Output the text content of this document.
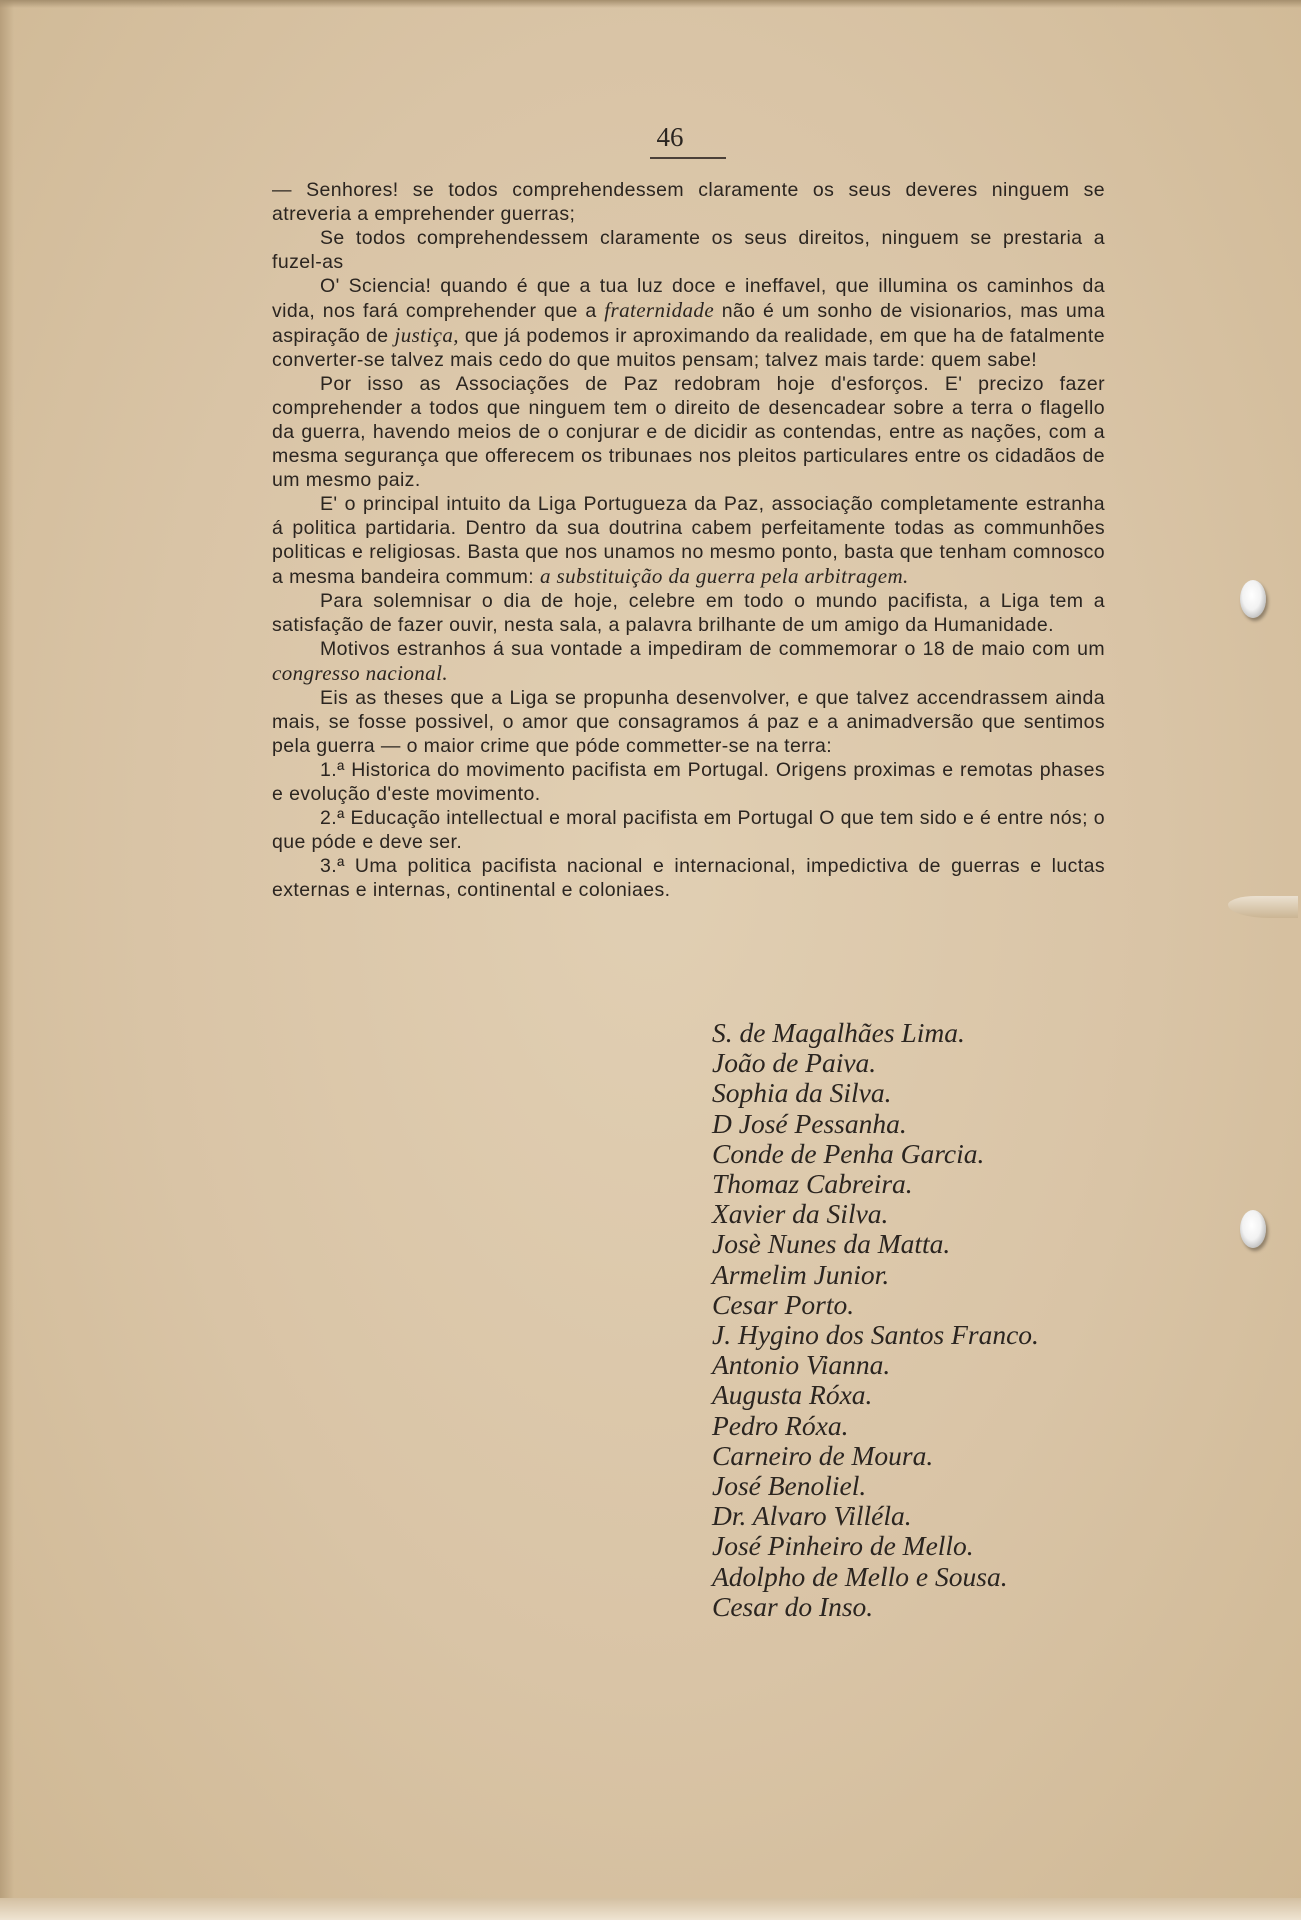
46

— Senhores! se todos comprehendessem claramente os seus deveres ninguem se atreveria a emprehender guerras;

Se todos comprehendessem claramente os seus direitos, ninguem se prestaria a fuzel-as

O' Sciencia! quando é que a tua luz doce e ineffavel, que illumina os caminhos da vida, nos fará comprehender que a fraternidade não é um sonho de visionarios, mas uma aspiração de justiça, que já podemos ir aproximando da realidade, em que ha de fatalmente converter-se talvez mais cedo do que muitos pensam; talvez mais tarde: quem sabe!

Por isso as Associações de Paz redobram hoje d'esforços. E' precizo fazer comprehender a todos que ninguem tem o direito de desencadear sobre a terra o flagello da guerra, havendo meios de o conjurar e de dicidir as contendas, entre as nações, com a mesma segurança que offerecem os tribunaes nos pleitos particulares entre os cidadãos de um mesmo paiz.

E' o principal intuito da Liga Portugueza da Paz, associação completamente estranha á politica partidaria. Dentro da sua doutrina cabem perfeitamente todas as communhões politicas e religiosas. Basta que nos unamos no mesmo ponto, basta que tenham comnosco a mesma bandeira commum: a substituição da guerra pela arbitragem.

Para solemnisar o dia de hoje, celebre em todo o mundo pacifista, a Liga tem a satisfação de fazer ouvir, nesta sala, a palavra brilhante de um amigo da Humanidade.

Motivos estranhos á sua vontade a impediram de commemorar o 18 de maio com um congresso nacional.

Eis as theses que a Liga se propunha desenvolver, e que talvez accendrassem ainda mais, se fosse possivel, o amor que consagramos á paz e a animadversão que sentimos pela guerra — o maior crime que póde commetter-se na terra:

1.ª Historica do movimento pacifista em Portugal. Origens proximas e remotas phases e evolução d'este movimento.

2.ª Educação intellectual e moral pacifista em Portugal O que tem sido e é entre nós; o que póde e deve ser.

3.ª Uma politica pacifista nacional e internacional, impedictiva de guerras e luctas externas e internas, continental e coloniaes.

S. de Magalhães Lima.
João de Paiva.
Sophia da Silva.
D José Pessanha.
Conde de Penha Garcia.
Thomaz Cabreira.
Xavier da Silva.
Josè Nunes da Matta.
Armelim Junior.
Cesar Porto.
J. Hygino dos Santos Franco.
Antonio Vianna.
Augusta Róxa.
Pedro Róxa.
Carneiro de Moura.
José Benoliel.
Dr. Alvaro Villéla.
José Pinheiro de Mello.
Adolpho de Mello e Sousa.
Cesar do Inso.
